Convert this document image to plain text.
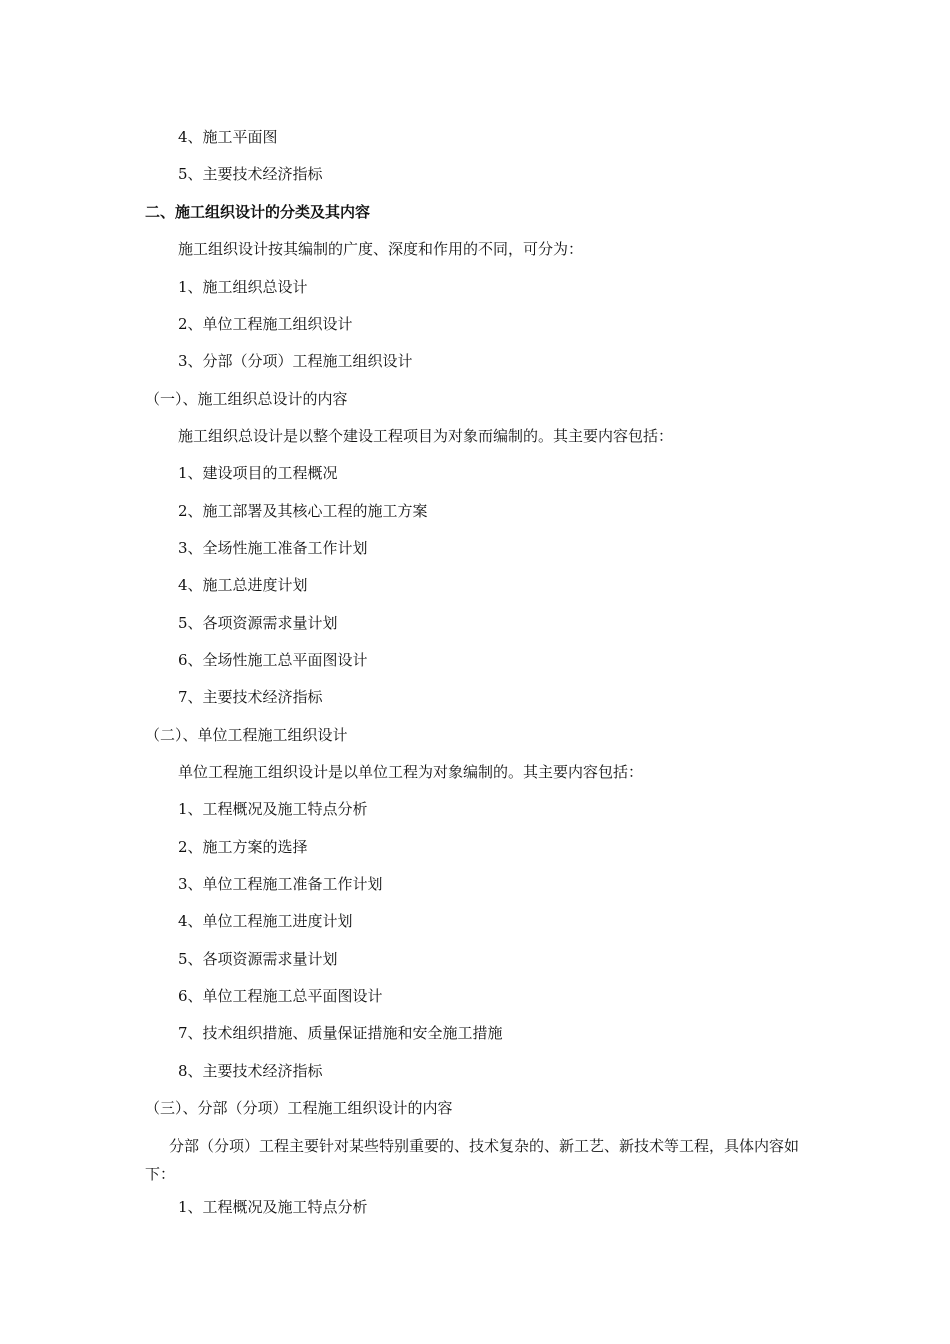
4、施工平面图
5、主要技术经济指标
二、施工组织设计的分类及其内容
施工组织设计按其编制的广度、深度和作用的不同，可分为：
1、施工组织总设计
2、单位工程施工组织设计
3、分部（分项）工程施工组织设计
（一）、施工组织总设计的内容
施工组织总设计是以整个建设工程项目为对象而编制的。其主要内容包括：
1、建设项目的工程概况
2、施工部署及其核心工程的施工方案
3、全场性施工准备工作计划
4、施工总进度计划
5、各项资源需求量计划
6、全场性施工总平面图设计
7、主要技术经济指标
（二）、单位工程施工组织设计
单位工程施工组织设计是以单位工程为对象编制的。其主要内容包括：
1、工程概况及施工特点分析
2、施工方案的选择
3、单位工程施工准备工作计划
4、单位工程施工进度计划
5、各项资源需求量计划
6、单位工程施工总平面图设计
7、技术组织措施、质量保证措施和安全施工措施
8、主要技术经济指标
（三）、分部（分项）工程施工组织设计的内容
分部（分项）工程主要针对某些特别重要的、技术复杂的、新工艺、新技术等工程，具体内容如下：
1、工程概况及施工特点分析
